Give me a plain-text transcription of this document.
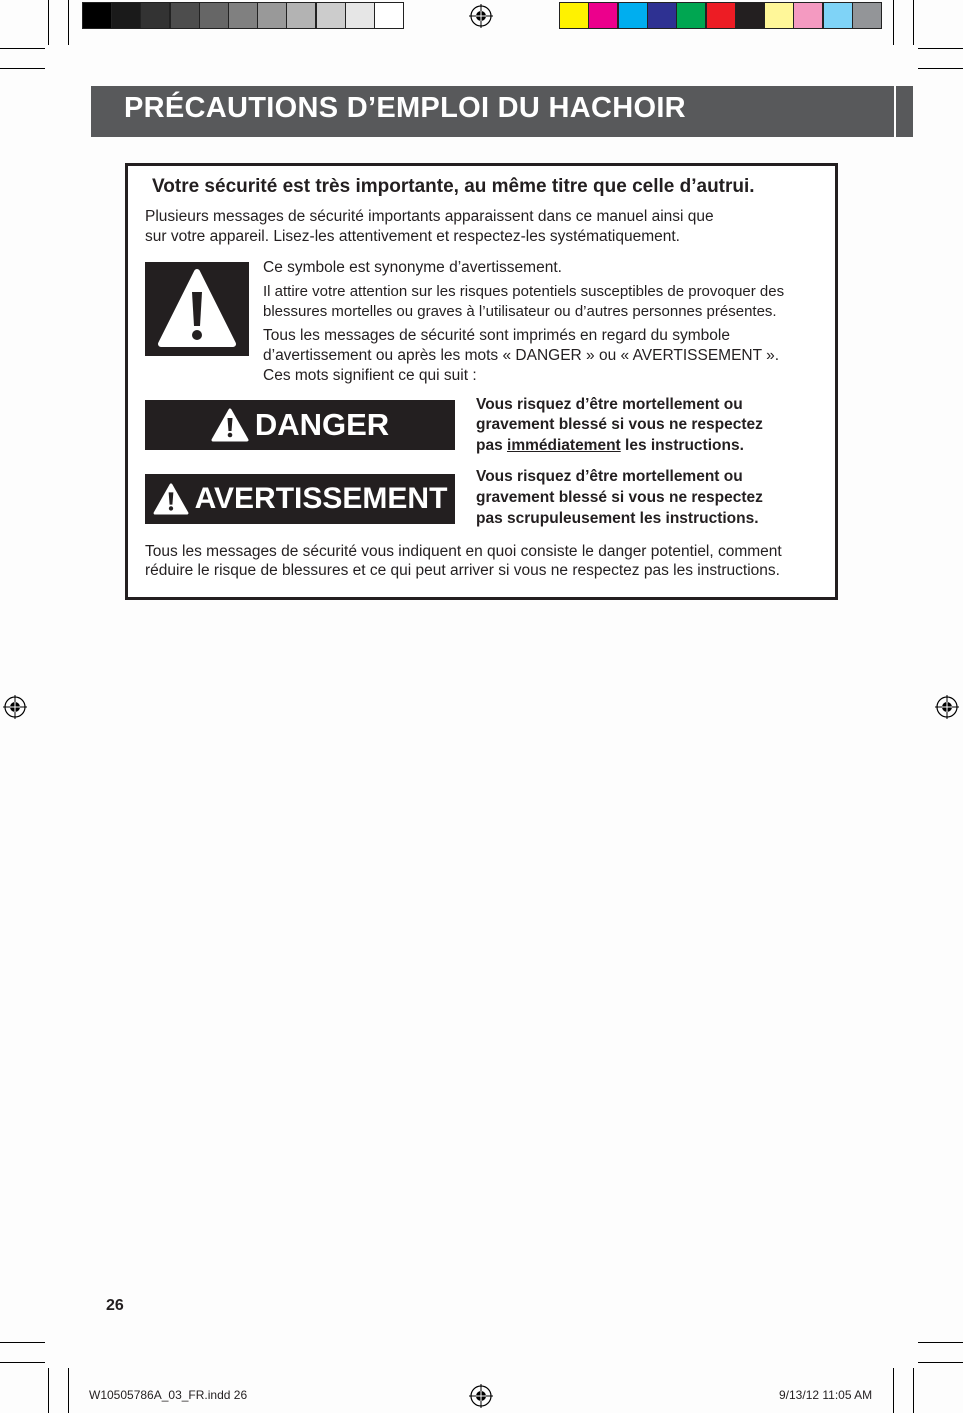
PRÉCAUTIONS D’EMPLOI DU HACHOIR
Votre sécurité est très importante, au même titre que celle d’autrui.
Plusieurs messages de sécurité importants apparaissent dans ce manuel ainsi que
sur votre appareil. Lisez-les attentivement et respectez-les systématiquement.
Ce symbole est synonyme d’avertissement.
Il attire votre attention sur les risques potentiels susceptibles de provoquer des
blessures mortelles ou graves à l’utilisateur ou d’autres personnes présentes.
Tous les messages de sécurité sont imprimés en regard du symbole
d’avertissement ou après les mots « DANGER » ou « AVERTISSEMENT ».
Ces mots signifient ce qui suit :
DANGER
Vous risquez d’être mortellement ou
gravement blessé si vous ne respectez
pas immédiatement les instructions.
AVERTISSEMENT
Vous risquez d’être mortellement ou
gravement blessé si vous ne respectez
pas scrupuleusement les instructions.
Tous les messages de sécurité vous indiquent en quoi consiste le danger potentiel, comment
réduire le risque de blessures et ce qui peut arriver si vous ne respectez pas les instructions.
26
W10505786A_03_FR.indd 26	9/13/12 11:05 AM
